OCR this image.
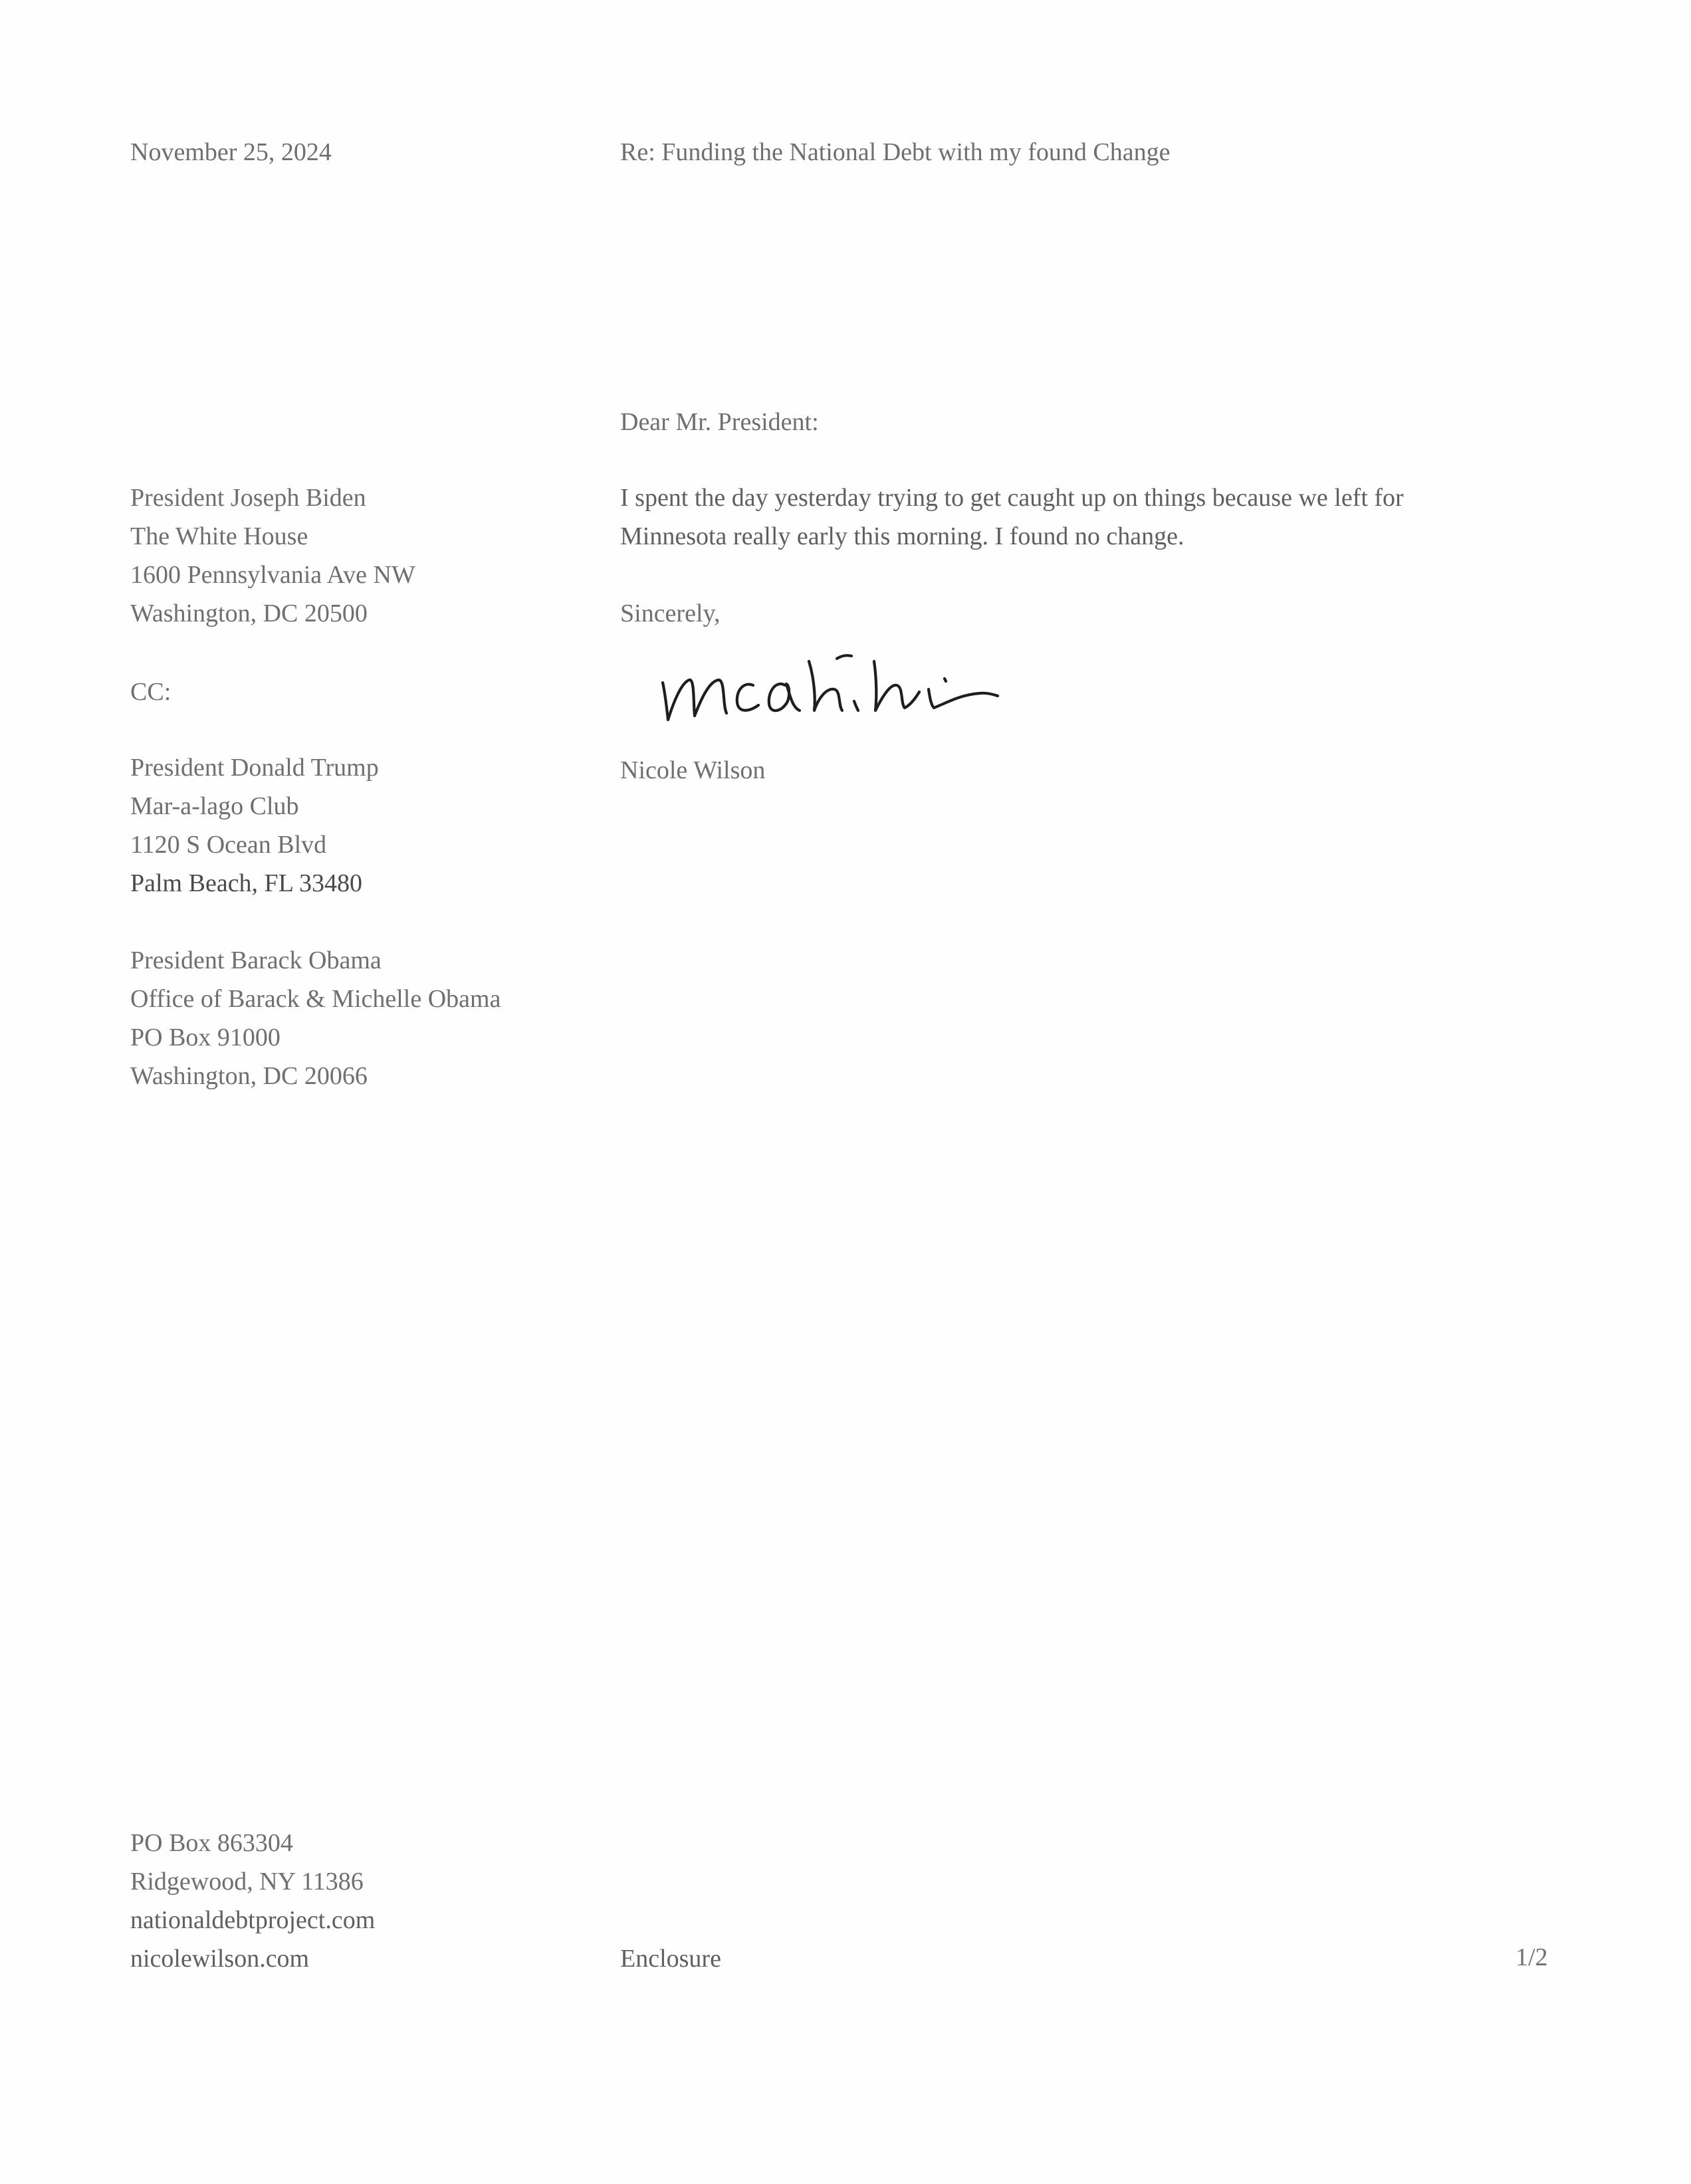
November 25, 2024	Re: Funding the National Debt with my found Change

Dear Mr. President:

President Joseph Biden
The White House
1600 Pennsylvania Ave NW
Washington, DC 20500
I spent the day yesterday trying to get caught up on things because we left for
Minnesota really early this morning. I found no change.

Sincerely,

Nicole Wilson

CC:

President Donald Trump
Mar-a-lago Club
1120 S Ocean Blvd
Palm Beach, FL 33480
President Barack Obama
Office of Barack & Michelle Obama
PO Box 91000
Washington, DC 20066
PO Box 863304
Ridgewood, NY 11386
nationaldebtproject.com
nicolewilson.com	Enclosure	1/2
